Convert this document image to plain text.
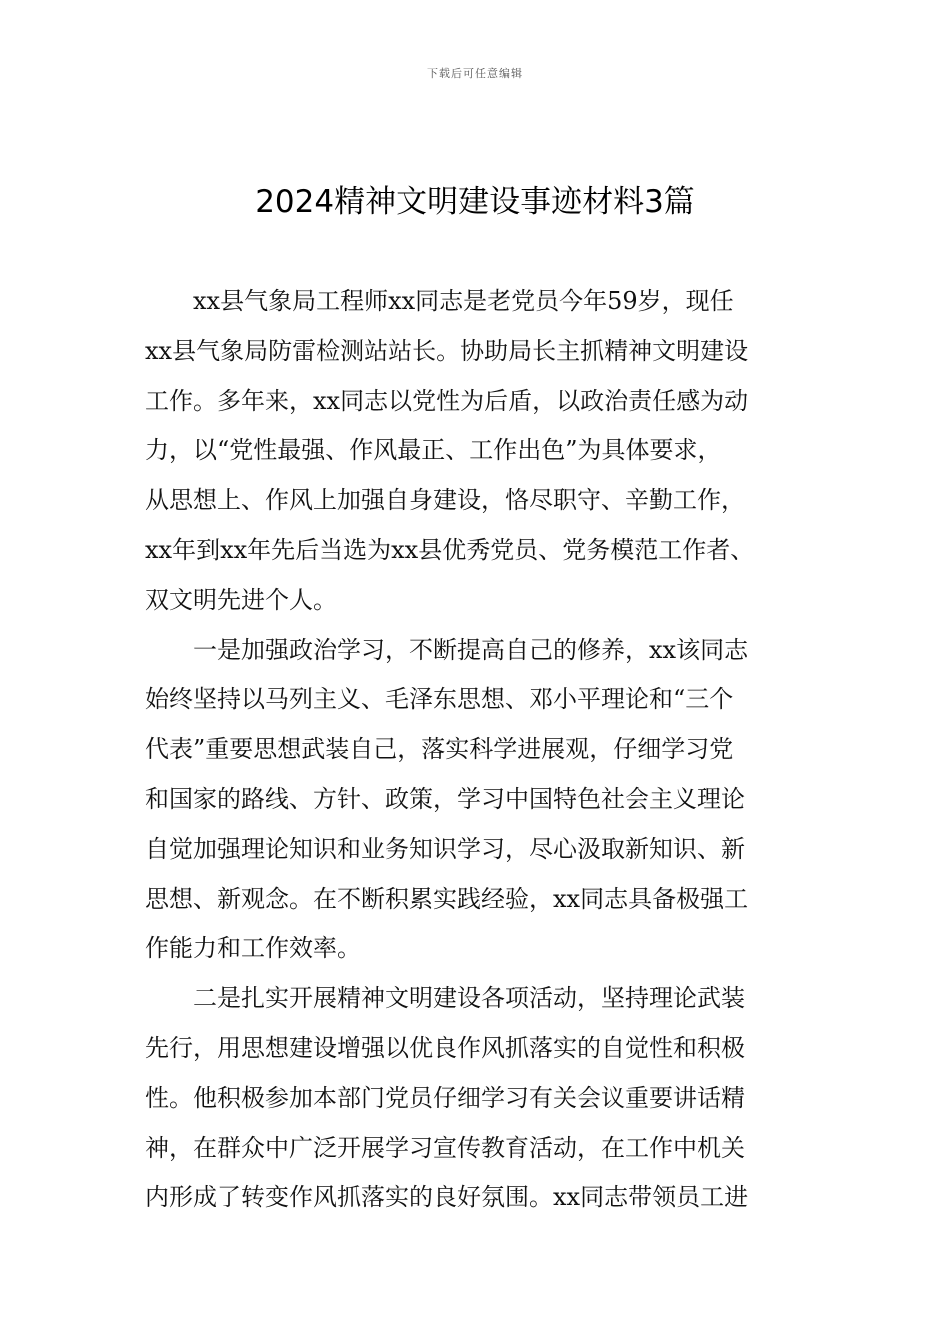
下载后可任意编辑
2024精神文明建设事迹材料3篇

　　xx县气象局工程师xx同志是老党员今年59岁，现任
xx县气象局防雷检测站站长。协助局长主抓精神文明建设
工作。多年来，xx同志以党性为后盾，以政治责任感为动
力，以“党性最强、作风最正、工作出色”为具体要求，
从思想上、作风上加强自身建设，恪尽职守、辛勤工作，
xx年到xx年先后当选为xx县优秀党员、党务模范工作者、
双文明先进个人。

　　一是加强政治学习，不断提高自己的修养，xx该同志
始终坚持以马列主义、毛泽东思想、邓小平理论和“三个
代表”重要思想武装自己，落实科学进展观，仔细学习党
和国家的路线、方针、政策，学习中国特色社会主义理论
自觉加强理论知识和业务知识学习，尽心汲取新知识、新
思想、新观念。在不断积累实践经验，xx同志具备极强工
作能力和工作效率。

　　二是扎实开展精神文明建设各项活动，坚持理论武装
先行，用思想建设增强以优良作风抓落实的自觉性和积极
性。他积极参加本部门党员仔细学习有关会议重要讲话精
神，在群众中广泛开展学习宣传教育活动，在工作中机关
内形成了转变作风抓落实的良好氛围。xx同志带领员工进
